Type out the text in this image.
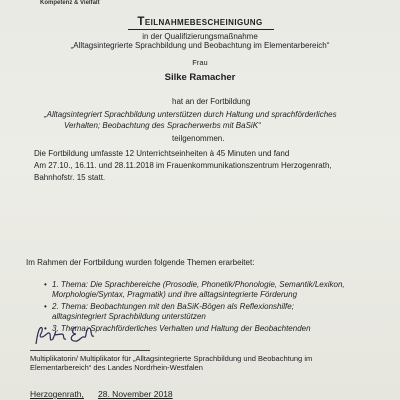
Kompetenz & Vielfalt
Teilnahmebescheinigung
in der Qualifizierungsmaßnahme
„Alltagsintegrierte Sprachbildung und Beobachtung im Elementarbereich“
Frau
Silke Ramacher
hat an der Fortbildung
„Alltagsintegriert Sprachbildung unterstützen durch Haltung und sprachförderliches
Verhalten; Beobachtung des Spracherwerbs mit BaSiK“
teilgenommen.
Die Fortbildung umfasste 12 Unterrichtseinheiten à 45 Minuten und fand
Am 27.10., 16.11. und 28.11.2018 im Frauenkommunikationszentrum Herzogenrath,
Bahnhofstr. 15 statt.
Im Rahmen der Fortbildung wurden folgende Themen erarbeitet:
• 1. Thema: Die Sprachbereiche (Prosodie, Phonetik/Phonologie, Semantik/Lexikon,
Morphologie/Syntax, Pragmatik) und ihre alltagsintegrierte Förderung
• 2. Thema: Beobachtungen mit den BaSiK-Bögen als Reflexionshilfe;
alltagsintegriert Sprachbildung unterstützen
• 3. Thema: Sprachförderliches Verhalten und Haltung der Beobachtenden
Multiplikatorin/ Multiplikator für „Alltagsintegrierte Sprachbildung und Beobachtung im
Elementarbereich“ des Landes Nordrhein-Westfalen
Herzogenrath, 28. November 2018
